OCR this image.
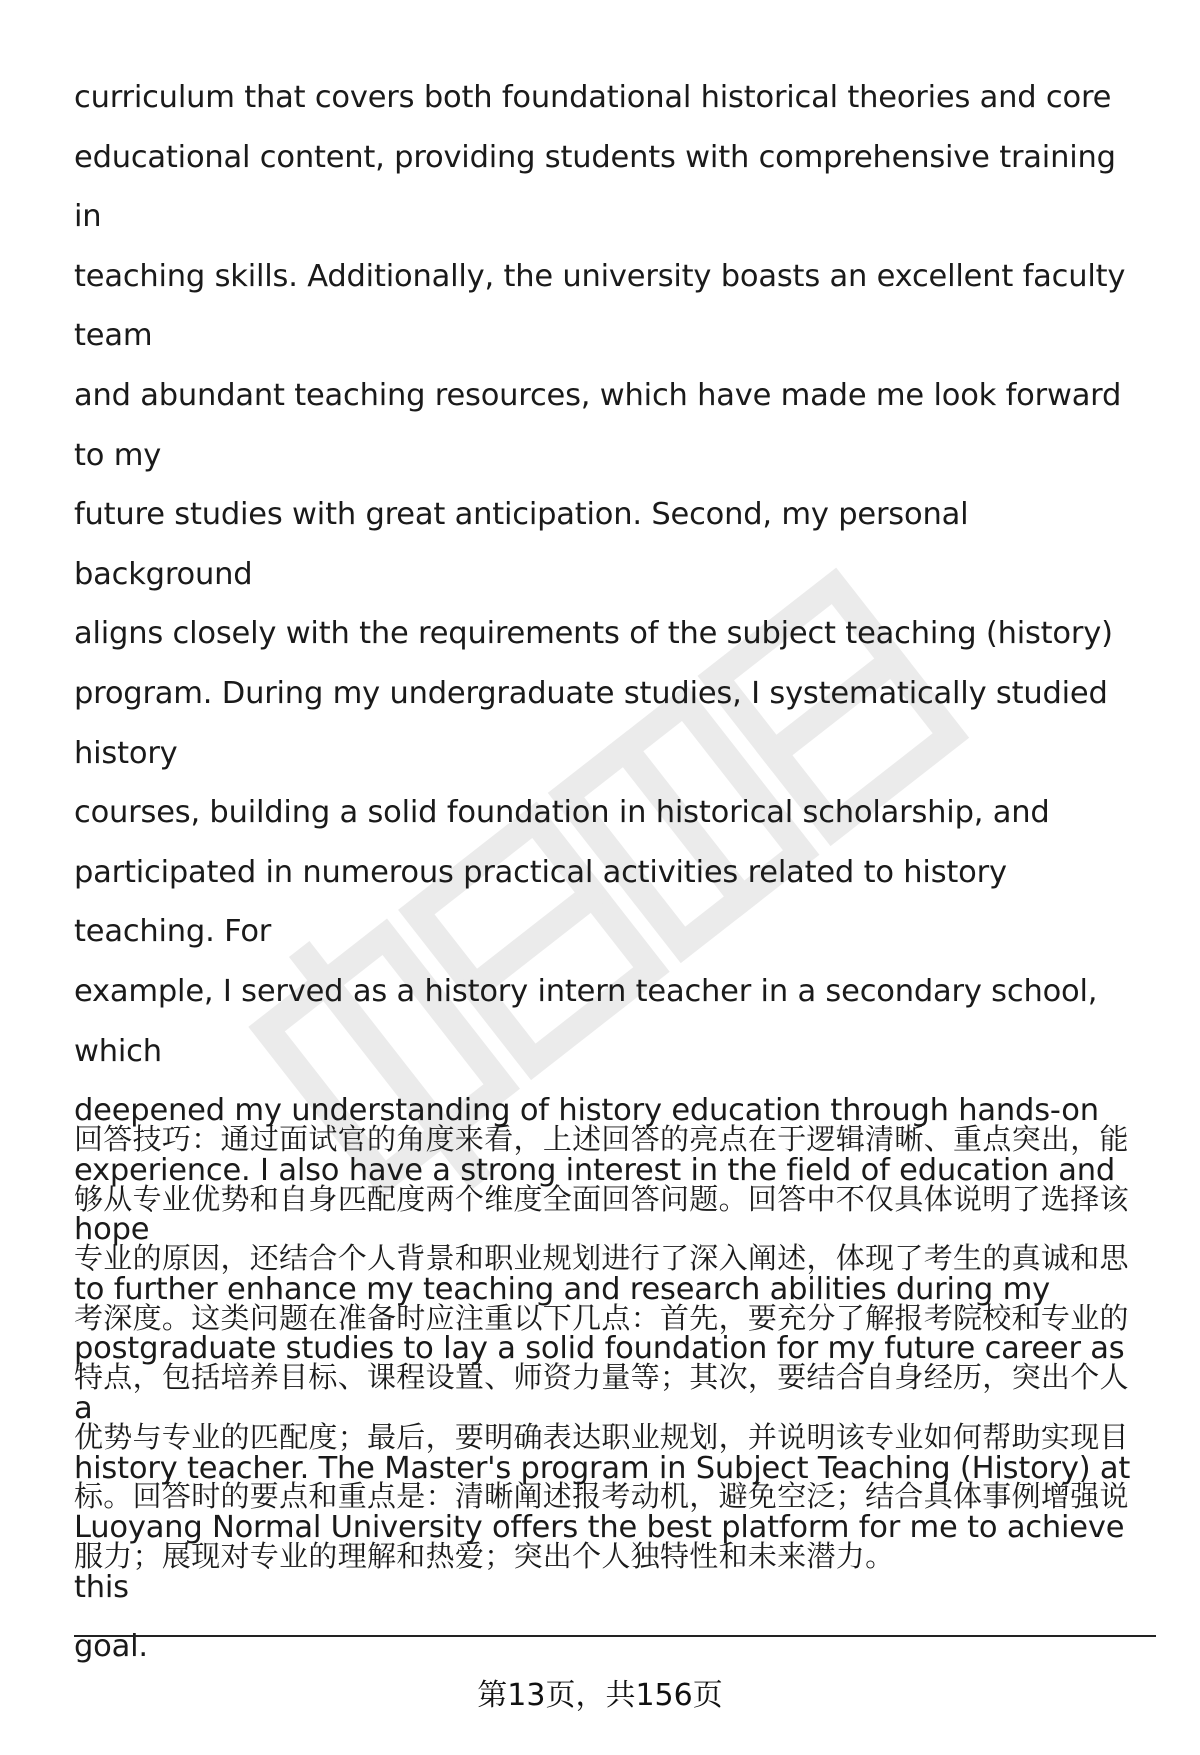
curriculum that covers both foundational historical theories and core
educational content, providing students with comprehensive training in
teaching skills. Additionally, the university boasts an excellent faculty team
and abundant teaching resources, which have made me look forward to my
future studies with great anticipation. Second, my personal background
aligns closely with the requirements of the subject teaching (history)
program. During my undergraduate studies, I systematically studied history
courses, building a solid foundation in historical scholarship, and
participated in numerous practical activities related to history teaching. For
example, I served as a history intern teacher in a secondary school, which
deepened my understanding of history education through hands-on
experience. I also have a strong interest in the field of education and hope
to further enhance my teaching and research abilities during my
postgraduate studies to lay a solid foundation for my future career as a
history teacher. The Master's program in Subject Teaching (History) at
Luoyang Normal University offers the best platform for me to achieve this
goal.

回答技巧：通过面试官的角度来看，上述回答的亮点在于逻辑清晰、重点突出，能够从专业优势和自身匹配度两个维度全面回答问题。回答中不仅具体说明了选择该专业的原因，还结合个人背景和职业规划进行了深入阐述，体现了考生的真诚和思考深度。这类问题在准备时应注重以下几点：首先，要充分了解报考院校和专业的特点，包括培养目标、课程设置、师资力量等；其次，要结合自身经历，突出个人优势与专业的匹配度；最后，要明确表达职业规划，并说明该专业如何帮助实现目标。回答时的要点和重点是：清晰阐述报考动机，避免空泛；结合具体事例增强说服力；展现对专业的理解和热爱；突出个人独特性和未来潜力。

第13页，共156页
